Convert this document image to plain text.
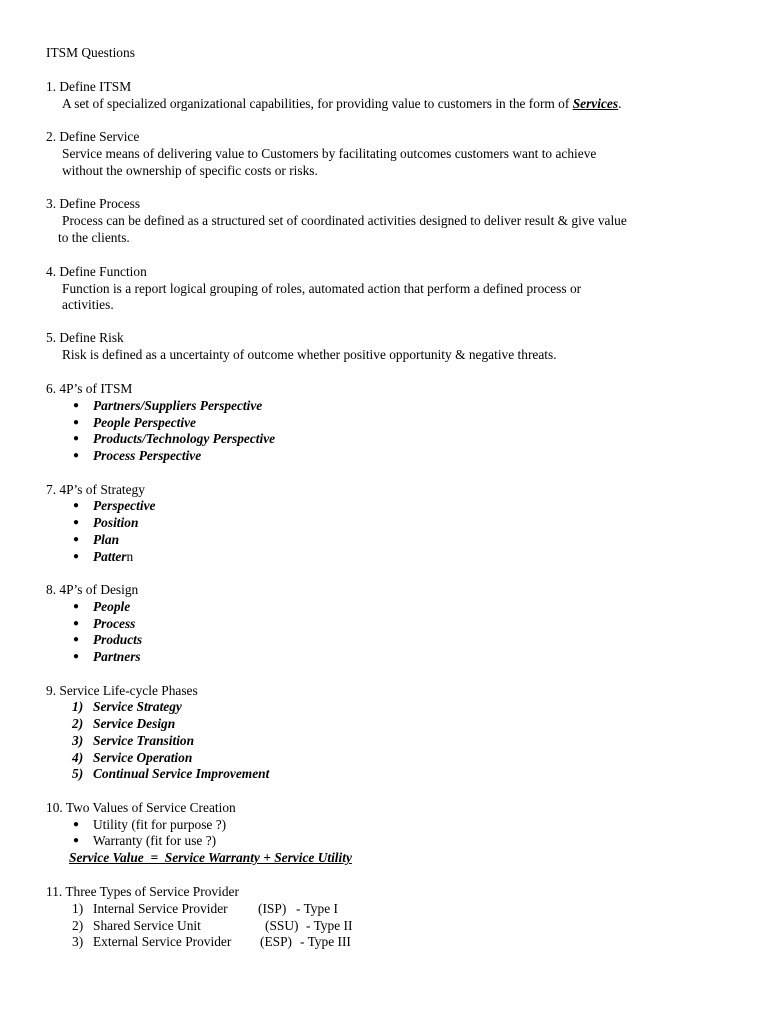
ITSM Questions
1. Define ITSM
A set of specialized organizational capabilities, for providing value to customers in the form of Services.
2. Define Service
Service means of delivering value to Customers by facilitating outcomes customers want to achieve
without the ownership of specific costs or risks.
3. Define Process
Process can be defined as a structured set of coordinated activities designed to deliver result & give value
to the clients.
4. Define Function
Function is a report logical grouping of roles, automated action that perform a defined process or
activities.
5. Define Risk
Risk is defined as a uncertainty of outcome whether positive opportunity & negative threats.
6. 4P’s of ITSM
● Partners/Suppliers Perspective
● People Perspective
● Products/Technology Perspective
● Process Perspective
7. 4P’s of Strategy
● Perspective
● Position
● Plan
● Pattern
8. 4P’s of Design
● People
● Process
● Products
● Partners
9. Service Life-cycle Phases
1) Service Strategy
2) Service Design
3) Service Transition
4) Service Operation
5) Continual Service Improvement
10. Two Values of Service Creation
● Utility (fit for purpose ?)
● Warranty (fit for use ?)
Service Value  =  Service Warranty + Service Utility
11. Three Types of Service Provider
1) Internal Service Provider (ISP) - Type I
2) Shared Service Unit	(SSU) - Type II
3) External Service Provider (ESP) - Type III
